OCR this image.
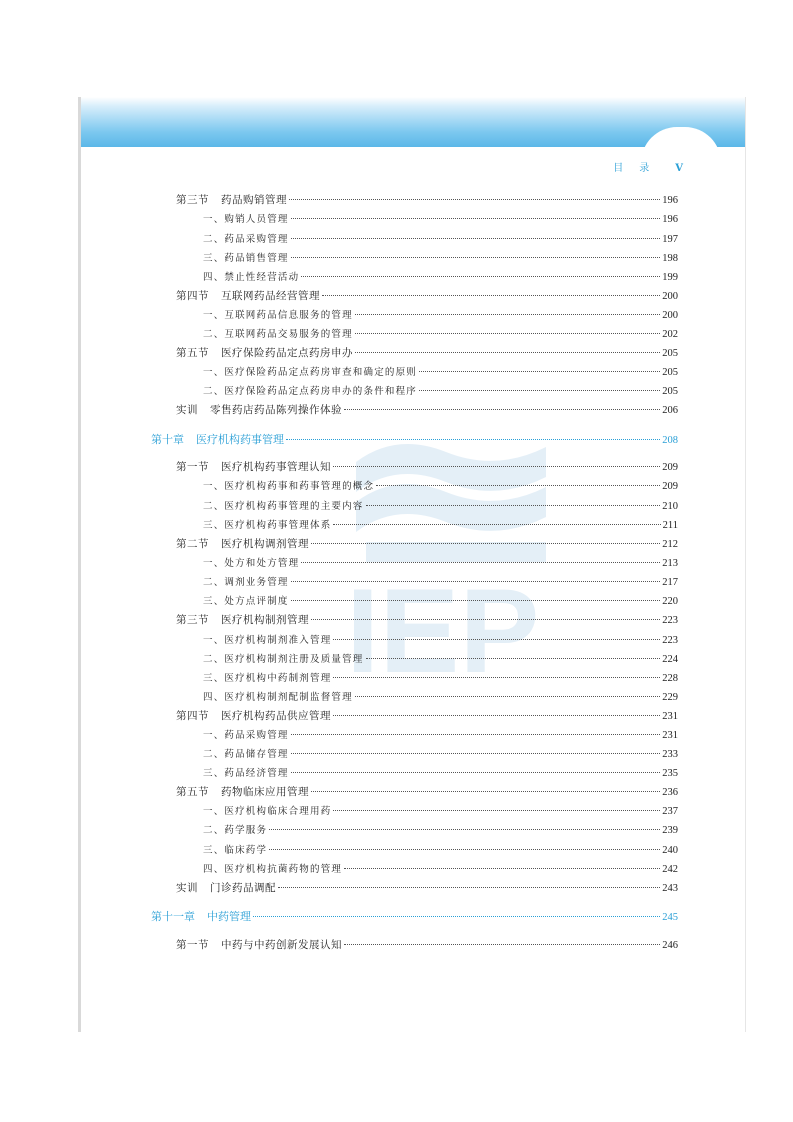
目 录	Ⅴ
IEP
第三节 药品购销管理	196
一、购销人员管理	196
二、药品采购管理	197
三、药品销售管理	198
四、禁止性经营活动	199
第四节 互联网药品经营管理	200
一、互联网药品信息服务的管理	200
二、互联网药品交易服务的管理	202
第五节 医疗保险药品定点药房申办	205
一、医疗保险药品定点药房审查和确定的原则	205
二、医疗保险药品定点药房申办的条件和程序	205
实训 零售药店药品陈列操作体验	206
第十章 医疗机构药事管理	208
第一节 医疗机构药事管理认知	209
一、医疗机构药事和药事管理的概念	209
二、医疗机构药事管理的主要内容	210
三、医疗机构药事管理体系	211
第二节 医疗机构调剂管理	212
一、处方和处方管理	213
二、调剂业务管理	217
三、处方点评制度	220
第三节 医疗机构制剂管理	223
一、医疗机构制剂准入管理	223
二、医疗机构制剂注册及质量管理	224
三、医疗机构中药制剂管理	228
四、医疗机构制剂配制监督管理	229
第四节 医疗机构药品供应管理	231
一、药品采购管理	231
二、药品储存管理	233
三、药品经济管理	235
第五节 药物临床应用管理	236
一、医疗机构临床合理用药	237
二、药学服务	239
三、临床药学	240
四、医疗机构抗菌药物的管理	242
实训 门诊药品调配	243
第十一章 中药管理	245
第一节 中药与中药创新发展认知	246
